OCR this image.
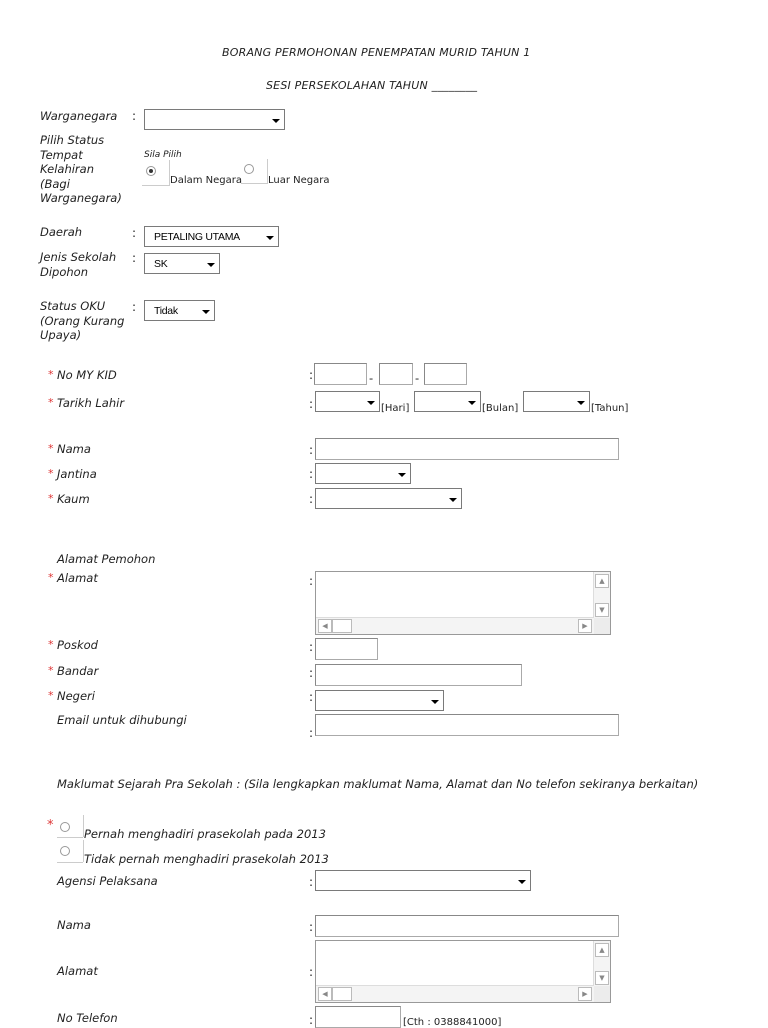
BORANG PERMOHONAN PENEMPATAN MURID TAHUN 1
SESI PERSEKOLAHAN TAHUN ________
Warganegara :
Pilih Status
Tempat
Kelahiran
(Bagi
Warganegara)
Sila Pilih
Dalam Negara	Luar Negara
Daerah	: PETALING UTAMA
Jenis Sekolah
Dipohon
: SK
Status OKU
(Orang Kurang
Upaya)
: Tidak
* No MY KID	:	-	-
* Tarikh Lahir	:	[Hari]	[Bulan]	[Tahun]
* Nama	:
* Jantina	:
* Kaum	:
Alamat Pemohon
* Alamat	:	▲
▼
◀	▶
* Poskod	:
* Bandar	:
* Negeri	:
Email untuk dihubungi
:
Maklumat Sejarah Pra Sekolah : (Sila lengkapkan maklumat Nama, Alamat dan No telefon sekiranya berkaitan)
*
Pernah menghadiri prasekolah pada 2013
Tidak pernah menghadiri prasekolah 2013
Agensi Pelaksana	:
Nama	:
Alamat	:
▲
▼
◀	▶
No Telefon	:	[Cth : 0388841000]
